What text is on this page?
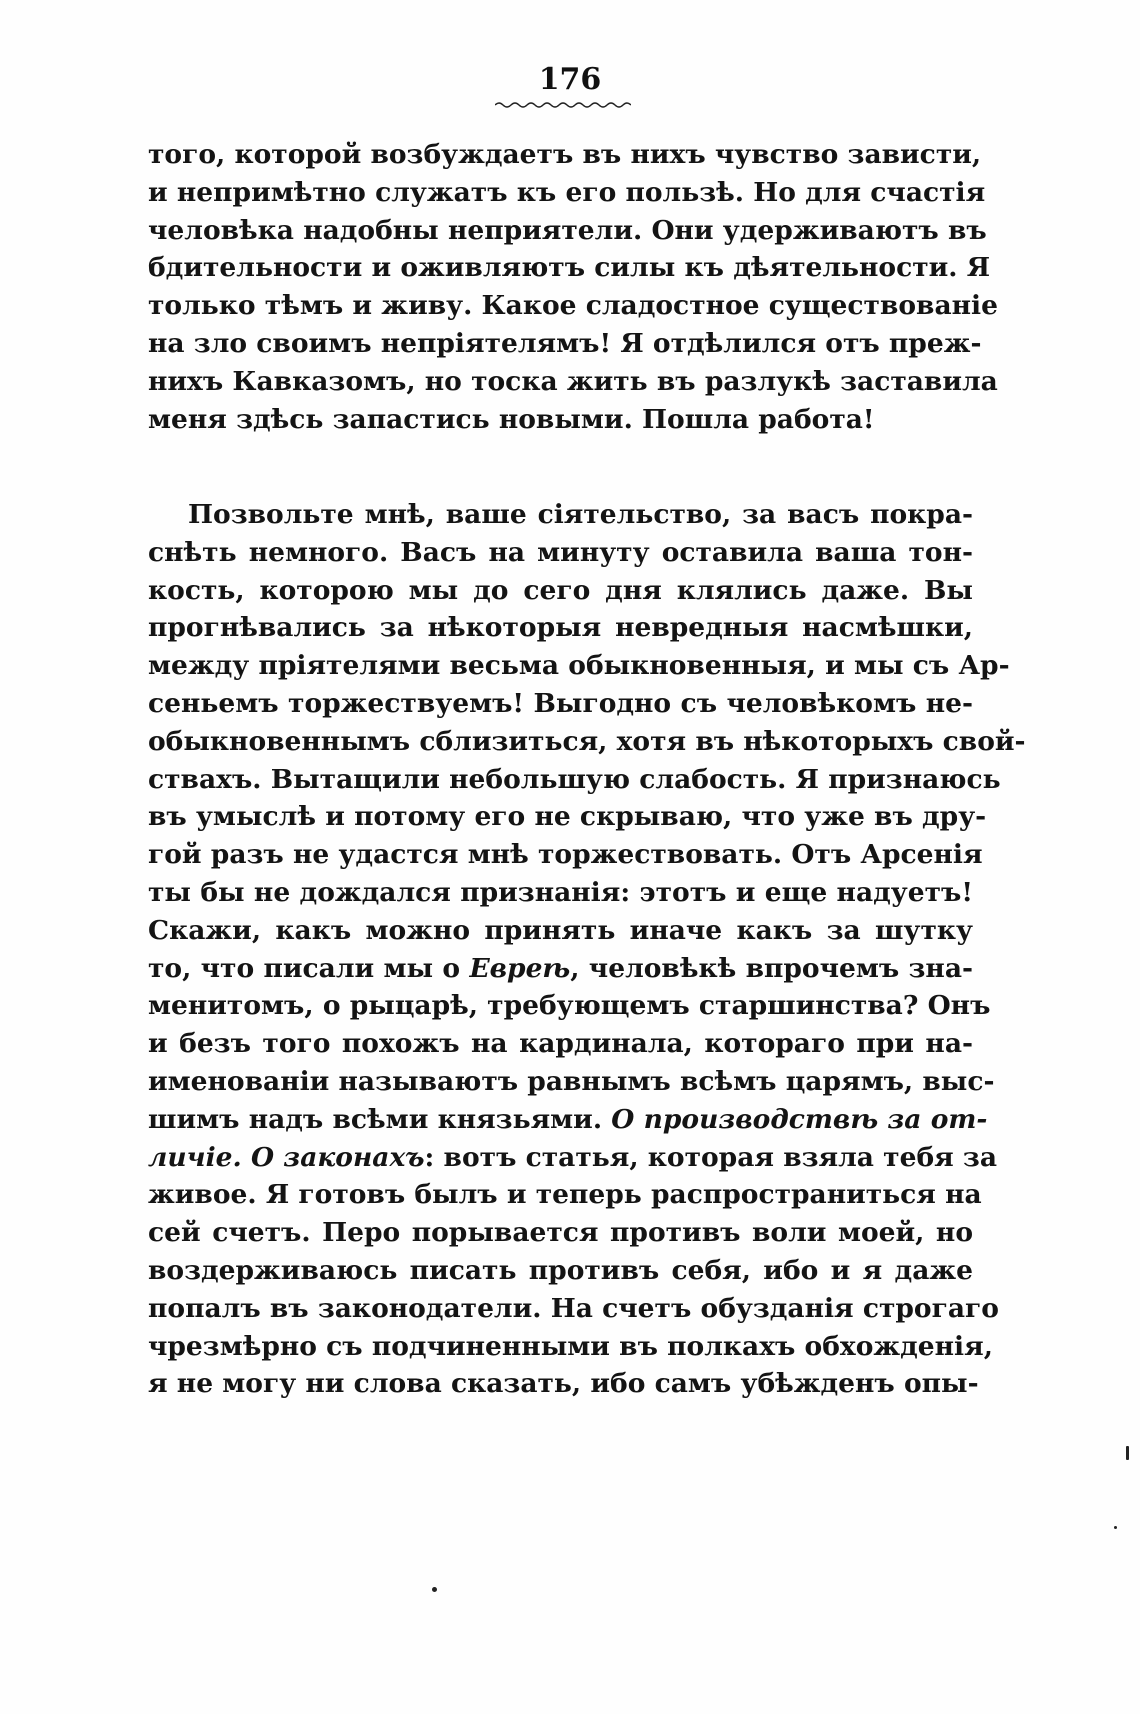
176
того, которой возбуждаетъ въ нихъ чувство зависти,
и непримѣтно служатъ къ его пользѣ. Но для счастія
человѣка надобны неприятели. Они удерживаютъ въ
бдительности и оживляютъ силы къ дѣятельности. Я
только тѣмъ и живу. Какое сладостное существованіе
на зло своимъ непріятелямъ! Я отдѣлился отъ преж-
нихъ Кавказомъ, но тоска жить въ разлукѣ заставила
меня здѣсь запастись новыми. Пошла работа!
Позвольте мнѣ, ваше сіятельство, за васъ покра-
снѣть немного. Васъ на минуту оставила ваша тон-
кость, которою мы до сего дня клялись даже. Вы
прогнѣвались за нѣкоторыя невредныя насмѣшки,
между пріятелями весьма обыкновенныя, и мы съ Ар-
сеньемъ торжествуемъ! Выгодно съ человѣкомъ не-
обыкновеннымъ сблизиться, хотя въ нѣкоторыхъ свой-
ствахъ. Вытащили небольшую слабость. Я признаюсь
въ умыслѣ и потому его не скрываю, что уже въ дру-
гой разъ не удастся мнѣ торжествовать. Отъ Арсенія
ты бы не дождался признанія: этотъ и еще надуетъ!
Скажи, какъ можно принять иначе какъ за шутку
то, что писали мы о Евреѣ, человѣкѣ впрочемъ зна-
менитомъ, о рыцарѣ, требующемъ старшинства? Онъ
и безъ того похожъ на кардинала, котораго при на-
именованіи называютъ равнымъ всѣмъ царямъ, выс-
шимъ надъ всѣми князьями. О производствѣ за от-
личіе. О законахъ: вотъ статья, которая взяла тебя за
живое. Я готовъ былъ и теперь распространиться на
сей счетъ. Перо порывается противъ воли моей, но
воздерживаюсь писать противъ себя, ибо и я даже
попалъ въ законодатели. На счетъ обузданія строгаго
чрезмѣрно съ подчиненными въ полкахъ обхожденія,
я не могу ни слова сказать, ибо самъ убѣжденъ опы-
